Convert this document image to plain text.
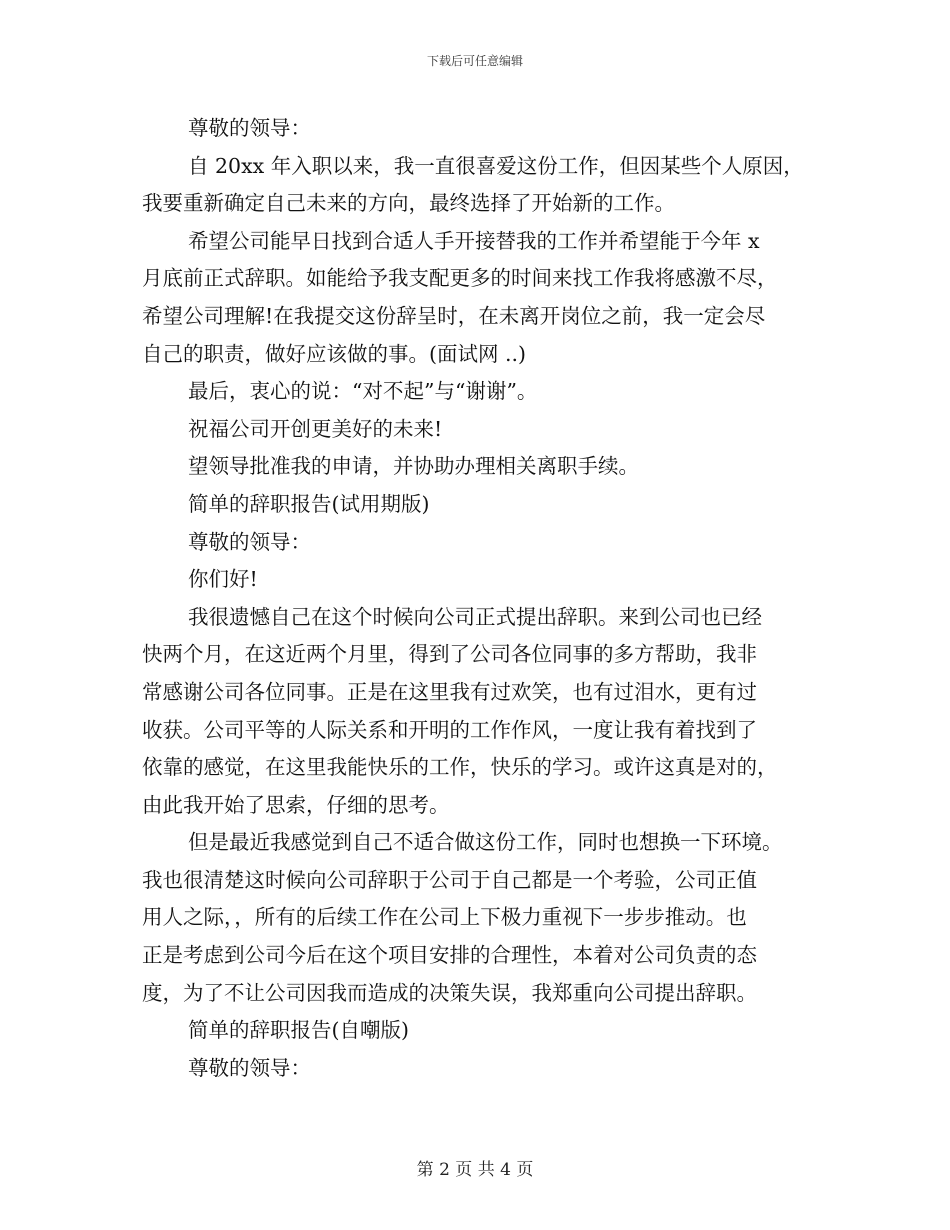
下载后可任意编辑
尊敬的领导：
自 20xx 年入职以来，我一直很喜爱这份工作，但因某些个人原因，
我要重新确定自己未来的方向，最终选择了开始新的工作。
希望公司能早日找到合适人手开接替我的工作并希望能于今年 x
月底前正式辞职。如能给予我支配更多的时间来找工作我将感激不尽，
希望公司理解!在我提交这份辞呈时，在未离开岗位之前，我一定会尽
自己的职责，做好应该做的事。(面试网 ..)
最后，衷心的说：“对不起”与“谢谢”。
祝福公司开创更美好的未来!
望领导批准我的申请，并协助办理相关离职手续。
简单的辞职报告(试用期版)
尊敬的领导：
你们好!
我很遗憾自己在这个时候向公司正式提出辞职。来到公司也已经
快两个月，在这近两个月里，得到了公司各位同事的多方帮助，我非
常感谢公司各位同事。正是在这里我有过欢笑，也有过泪水，更有过
收获。公司平等的人际关系和开明的工作作风，一度让我有着找到了
依靠的感觉，在这里我能快乐的工作，快乐的学习。或许这真是对的，
由此我开始了思索，仔细的思考。
但是最近我感觉到自己不适合做这份工作，同时也想换一下环境。
我也很清楚这时候向公司辞职于公司于自己都是一个考验，公司正值
用人之际，，所有的后续工作在公司上下极力重视下一步步推动。也
正是考虑到公司今后在这个项目安排的合理性，本着对公司负责的态
度，为了不让公司因我而造成的决策失误，我郑重向公司提出辞职。
简单的辞职报告(自嘲版)
尊敬的领导：
第 2 页 共 4 页
